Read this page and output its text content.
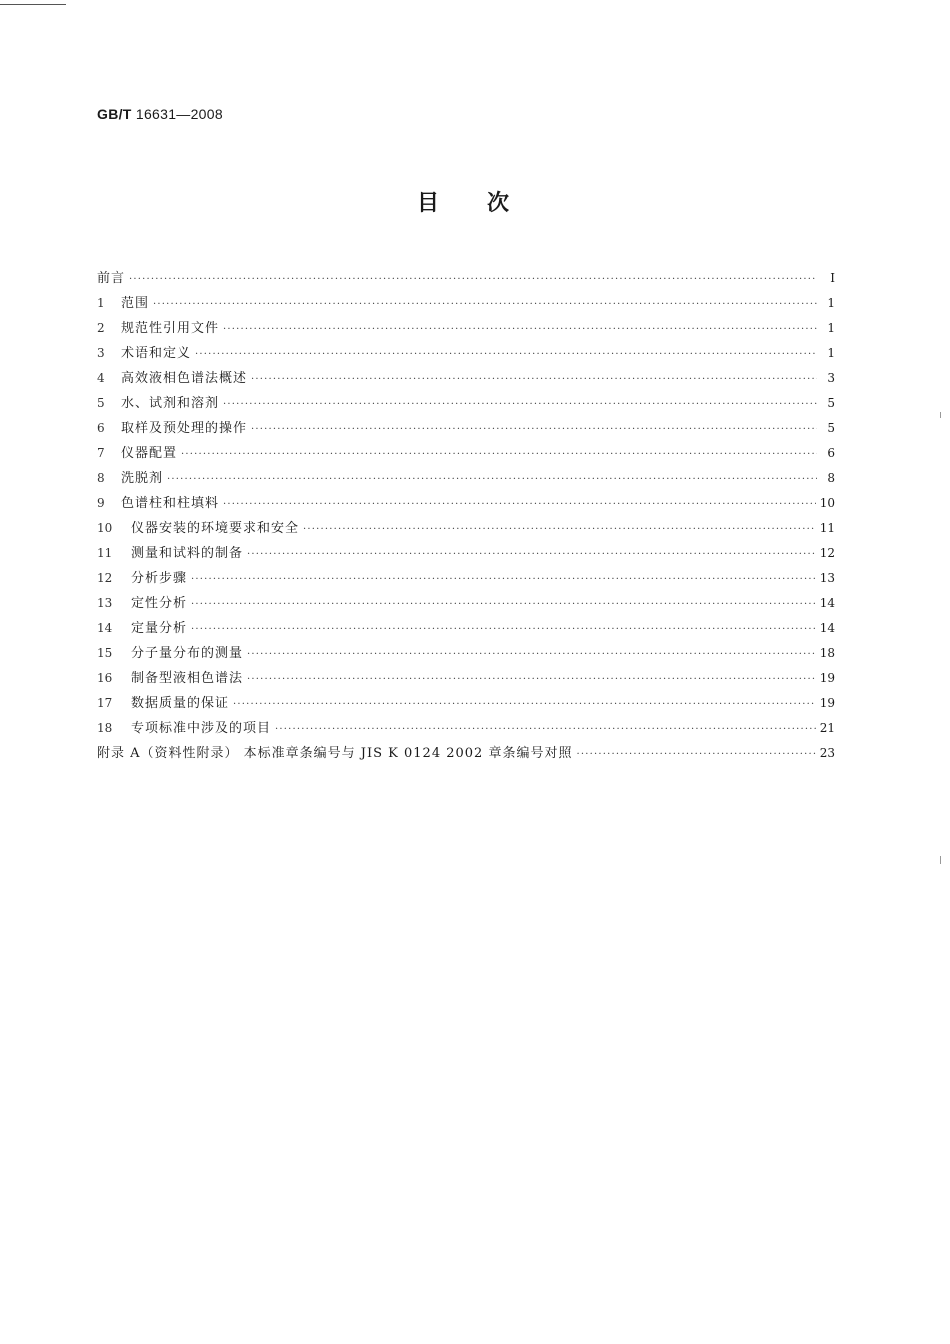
GB/T 16631—2008
目次
前言 ·····	Ⅰ
1	范围 ·····	1
2	规范性引用文件 ·····	1
3	术语和定义 ·····	1
4	高效液相色谱法概述 ·····	3
5	水、试剂和溶剂 ·····	5
6	取样及预处理的操作 ·····	5
7	仪器配置 ·····	6
8	洗脱剂 ·····	8
9	色谱柱和柱填料 ·····	10
10	仪器安装的环境要求和安全 ·····	11
11	测量和试料的制备 ·····	12
12	分析步骤 ·····	13
13	定性分析 ·····	14
14	定量分析 ·····	14
15	分子量分布的测量 ·····	18
16	制备型液相色谱法 ·····	19
17	数据质量的保证 ·····	19
18	专项标准中涉及的项目 ·····	21
附录 A（资料性附录） 本标准章条编号与 JIS K 0124 2002 章条编号对照 ·····	23
